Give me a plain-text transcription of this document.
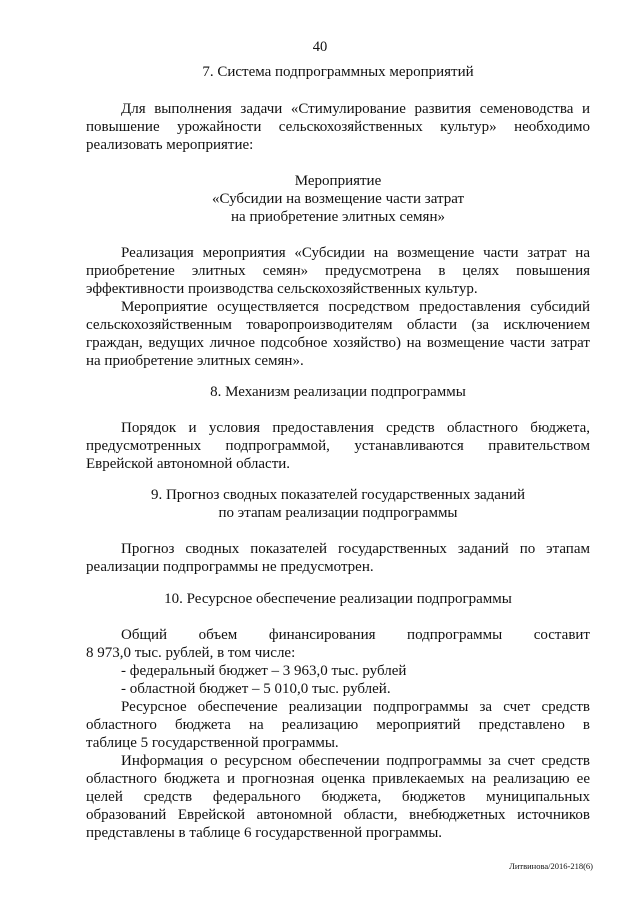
40
7. Система подпрограммных мероприятий
Для выполнения задачи «Стимулирование развития семеноводства и
повышение урожайности сельскохозяйственных культур» необходимо
реализовать мероприятие:
Мероприятие
«Субсидии на возмещение части затрат
на приобретение элитных семян»
Реализация мероприятия «Субсидии на возмещение части затрат на
приобретение элитных семян» предусмотрена в целях повышения
эффективности производства сельскохозяйственных культур.
Мероприятие осуществляется посредством предоставления субсидий
сельскохозяйственным товаропроизводителям области (за исключением
граждан, ведущих личное подсобное хозяйство) на возмещение части затрат
на приобретение элитных семян».
8. Механизм реализации подпрограммы
Порядок и условия предоставления средств областного бюджета,
предусмотренных подпрограммой, устанавливаются правительством
Еврейской автономной области.
9. Прогноз сводных показателей государственных заданий
по этапам реализации подпрограммы
Прогноз сводных показателей государственных заданий по этапам
реализации подпрограммы не предусмотрен.
10. Ресурсное обеспечение реализации подпрограммы
Общий объем финансирования подпрограммы составит
8 973,0 тыс. рублей, в том числе:
- федеральный бюджет – 3 963,0 тыс. рублей
- областной бюджет – 5 010,0 тыс. рублей.
Ресурсное обеспечение реализации подпрограммы за счет средств
областного бюджета на реализацию мероприятий представлено в
таблице 5 государственной программы.
Информация о ресурсном обеспечении подпрограммы за счет средств
областного бюджета и прогнозная оценка привлекаемых на реализацию ее
целей средств федерального бюджета, бюджетов муниципальных
образований Еврейской автономной области, внебюджетных источников
представлены в таблице 6 государственной программы.
Литвинова/2016-218(6)
